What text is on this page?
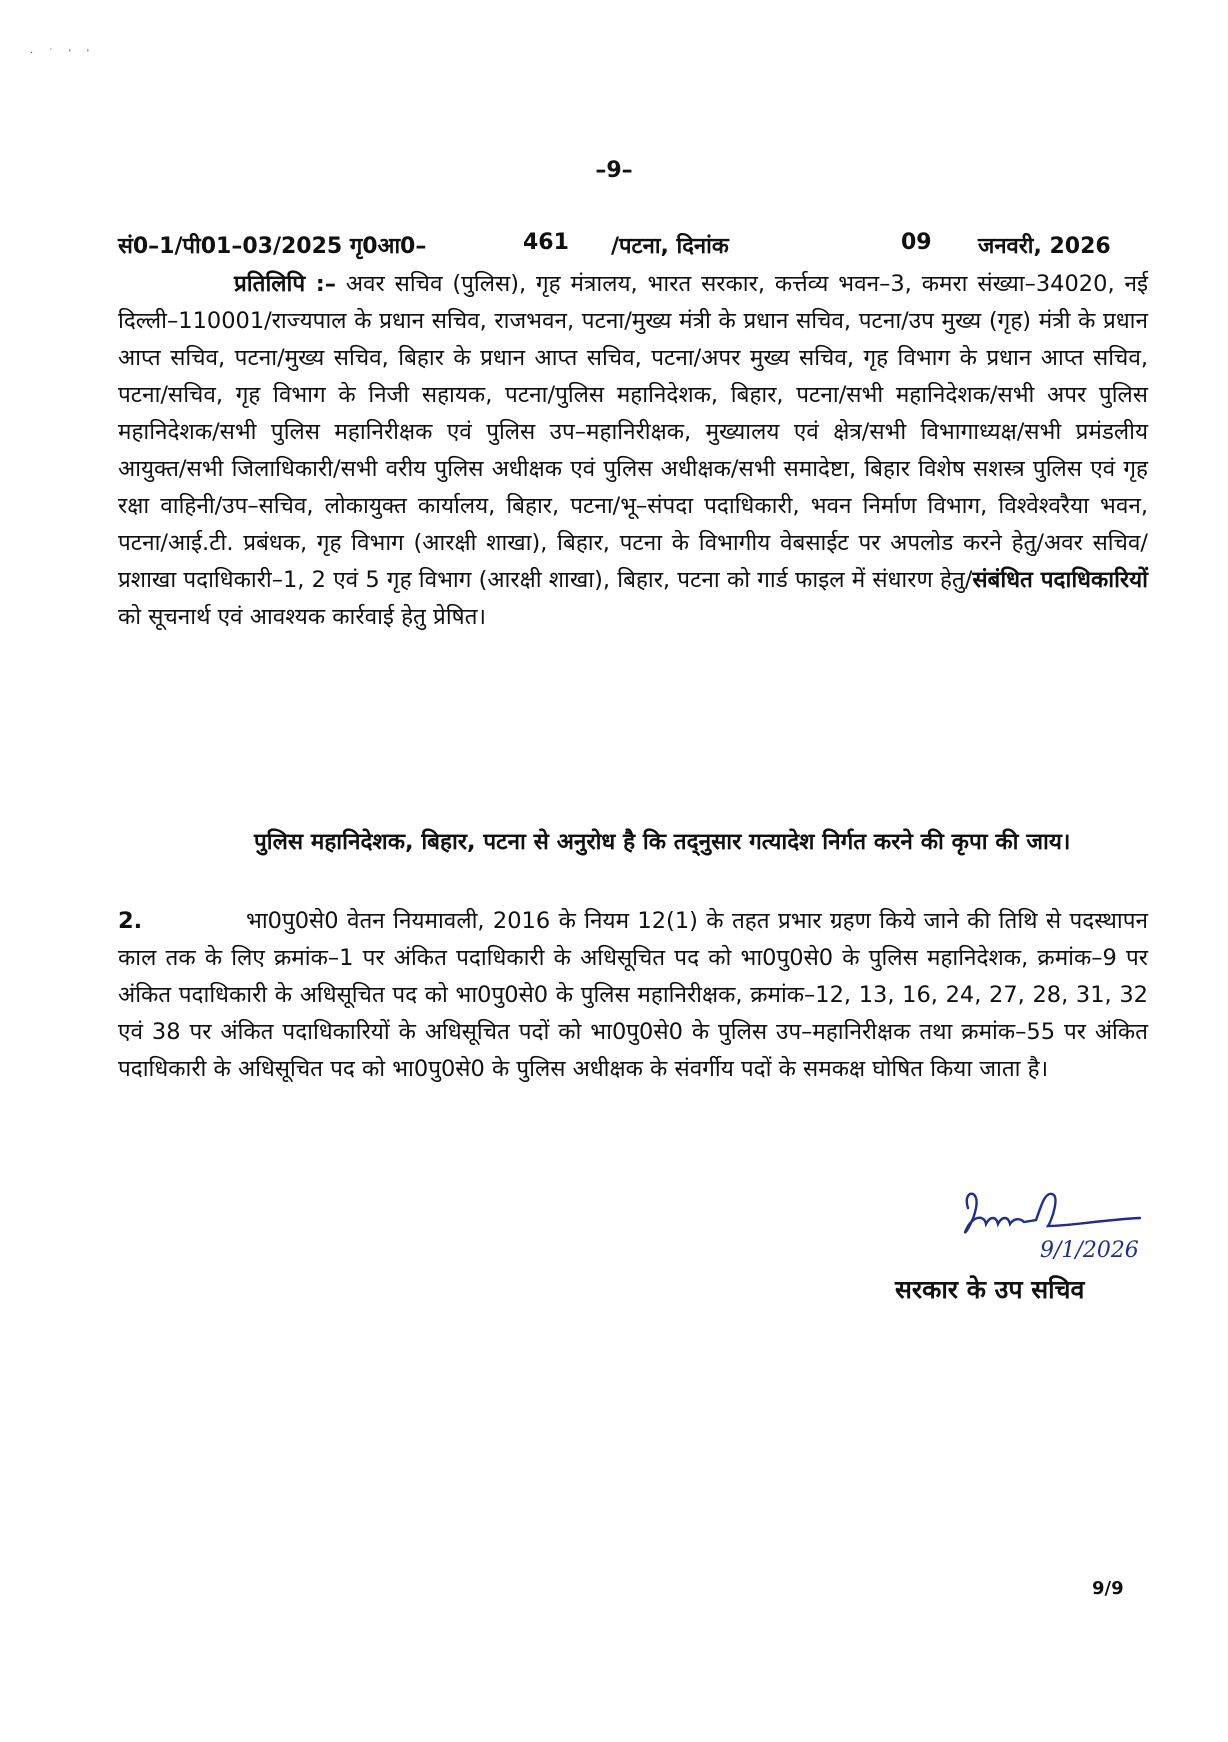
· ˙ ' '
–9–
सं0–1/पी01–03/2025 गृ0आ0–	461 /पटना, दिनांक	09 जनवरी, 2026
प्रतिलिपि :– अवर सचिव (पुलिस), गृह मंत्रालय, भारत सरकार, कर्त्तव्य भवन–3, कमरा संख्या–34020, नई दिल्ली–110001/राज्यपाल के प्रधान सचिव, राजभवन, पटना/मुख्य मंत्री के प्रधान सचिव, पटना/उप मुख्य (गृह) मंत्री के प्रधान आप्त सचिव, पटना/मुख्य सचिव, बिहार के प्रधान आप्त सचिव, पटना/अपर मुख्य सचिव, गृह विभाग के प्रधान आप्त सचिव, पटना/सचिव, गृह विभाग के निजी सहायक, पटना/पुलिस महानिदेशक, बिहार, पटना/सभी महानिदेशक/सभी अपर पुलिस महानिदेशक/सभी पुलिस महानिरीक्षक एवं पुलिस उप–महानिरीक्षक, मुख्यालय एवं क्षेत्र/सभी विभागाध्यक्ष/सभी प्रमंडलीय आयुक्त/सभी जिलाधिकारी/सभी वरीय पुलिस अधीक्षक एवं पुलिस अधीक्षक/सभी समादेष्टा, बिहार विशेष सशस्त्र पुलिस एवं गृह रक्षा वाहिनी/उप–सचिव, लोकायुक्त कार्यालय, बिहार, पटना/भू–संपदा पदाधिकारी, भवन निर्माण विभाग, विश्वेश्वरैया भवन, पटना/आई.टी. प्रबंधक, गृह विभाग (आरक्षी शाखा), बिहार, पटना के विभागीय वेबसाईट पर अपलोड करने हेतु/अवर सचिव/प्रशाखा पदाधिकारी–1, 2 एवं 5 गृह विभाग (आरक्षी शाखा), बिहार, पटना को गार्ड फाइल में संधारण हेतु/संबंधित पदाधिकारियों को सूचनार्थ एवं आवश्यक कार्रवाई हेतु प्रेषित।
पुलिस महानिदेशक, बिहार, पटना से अनुरोध है कि तद्नुसार गत्यादेश निर्गत करने की कृपा की जाय।
2.	भा0पु0से0 वेतन नियमावली, 2016 के नियम 12(1) के तहत प्रभार ग्रहण किये जाने की तिथि से पदस्थापन काल तक के लिए क्रमांक–1 पर अंकित पदाधिकारी के अधिसूचित पद को भा0पु0से0 के पुलिस महानिदेशक, क्रमांक–9 पर अंकित पदाधिकारी के अधिसूचित पद को भा0पु0से0 के पुलिस महानिरीक्षक, क्रमांक–12, 13, 16, 24, 27, 28, 31, 32 एवं 38 पर अंकित पदाधिकारियों के अधिसूचित पदों को भा0पु0से0 के पुलिस उप–महानिरीक्षक तथा क्रमांक–55 पर अंकित पदाधिकारी के अधिसूचित पद को भा0पु0से0 के पुलिस अधीक्षक के संवर्गीय पदों के समकक्ष घोषित किया जाता है।
9/1/2026
सरकार के उप सचिव
9/9
